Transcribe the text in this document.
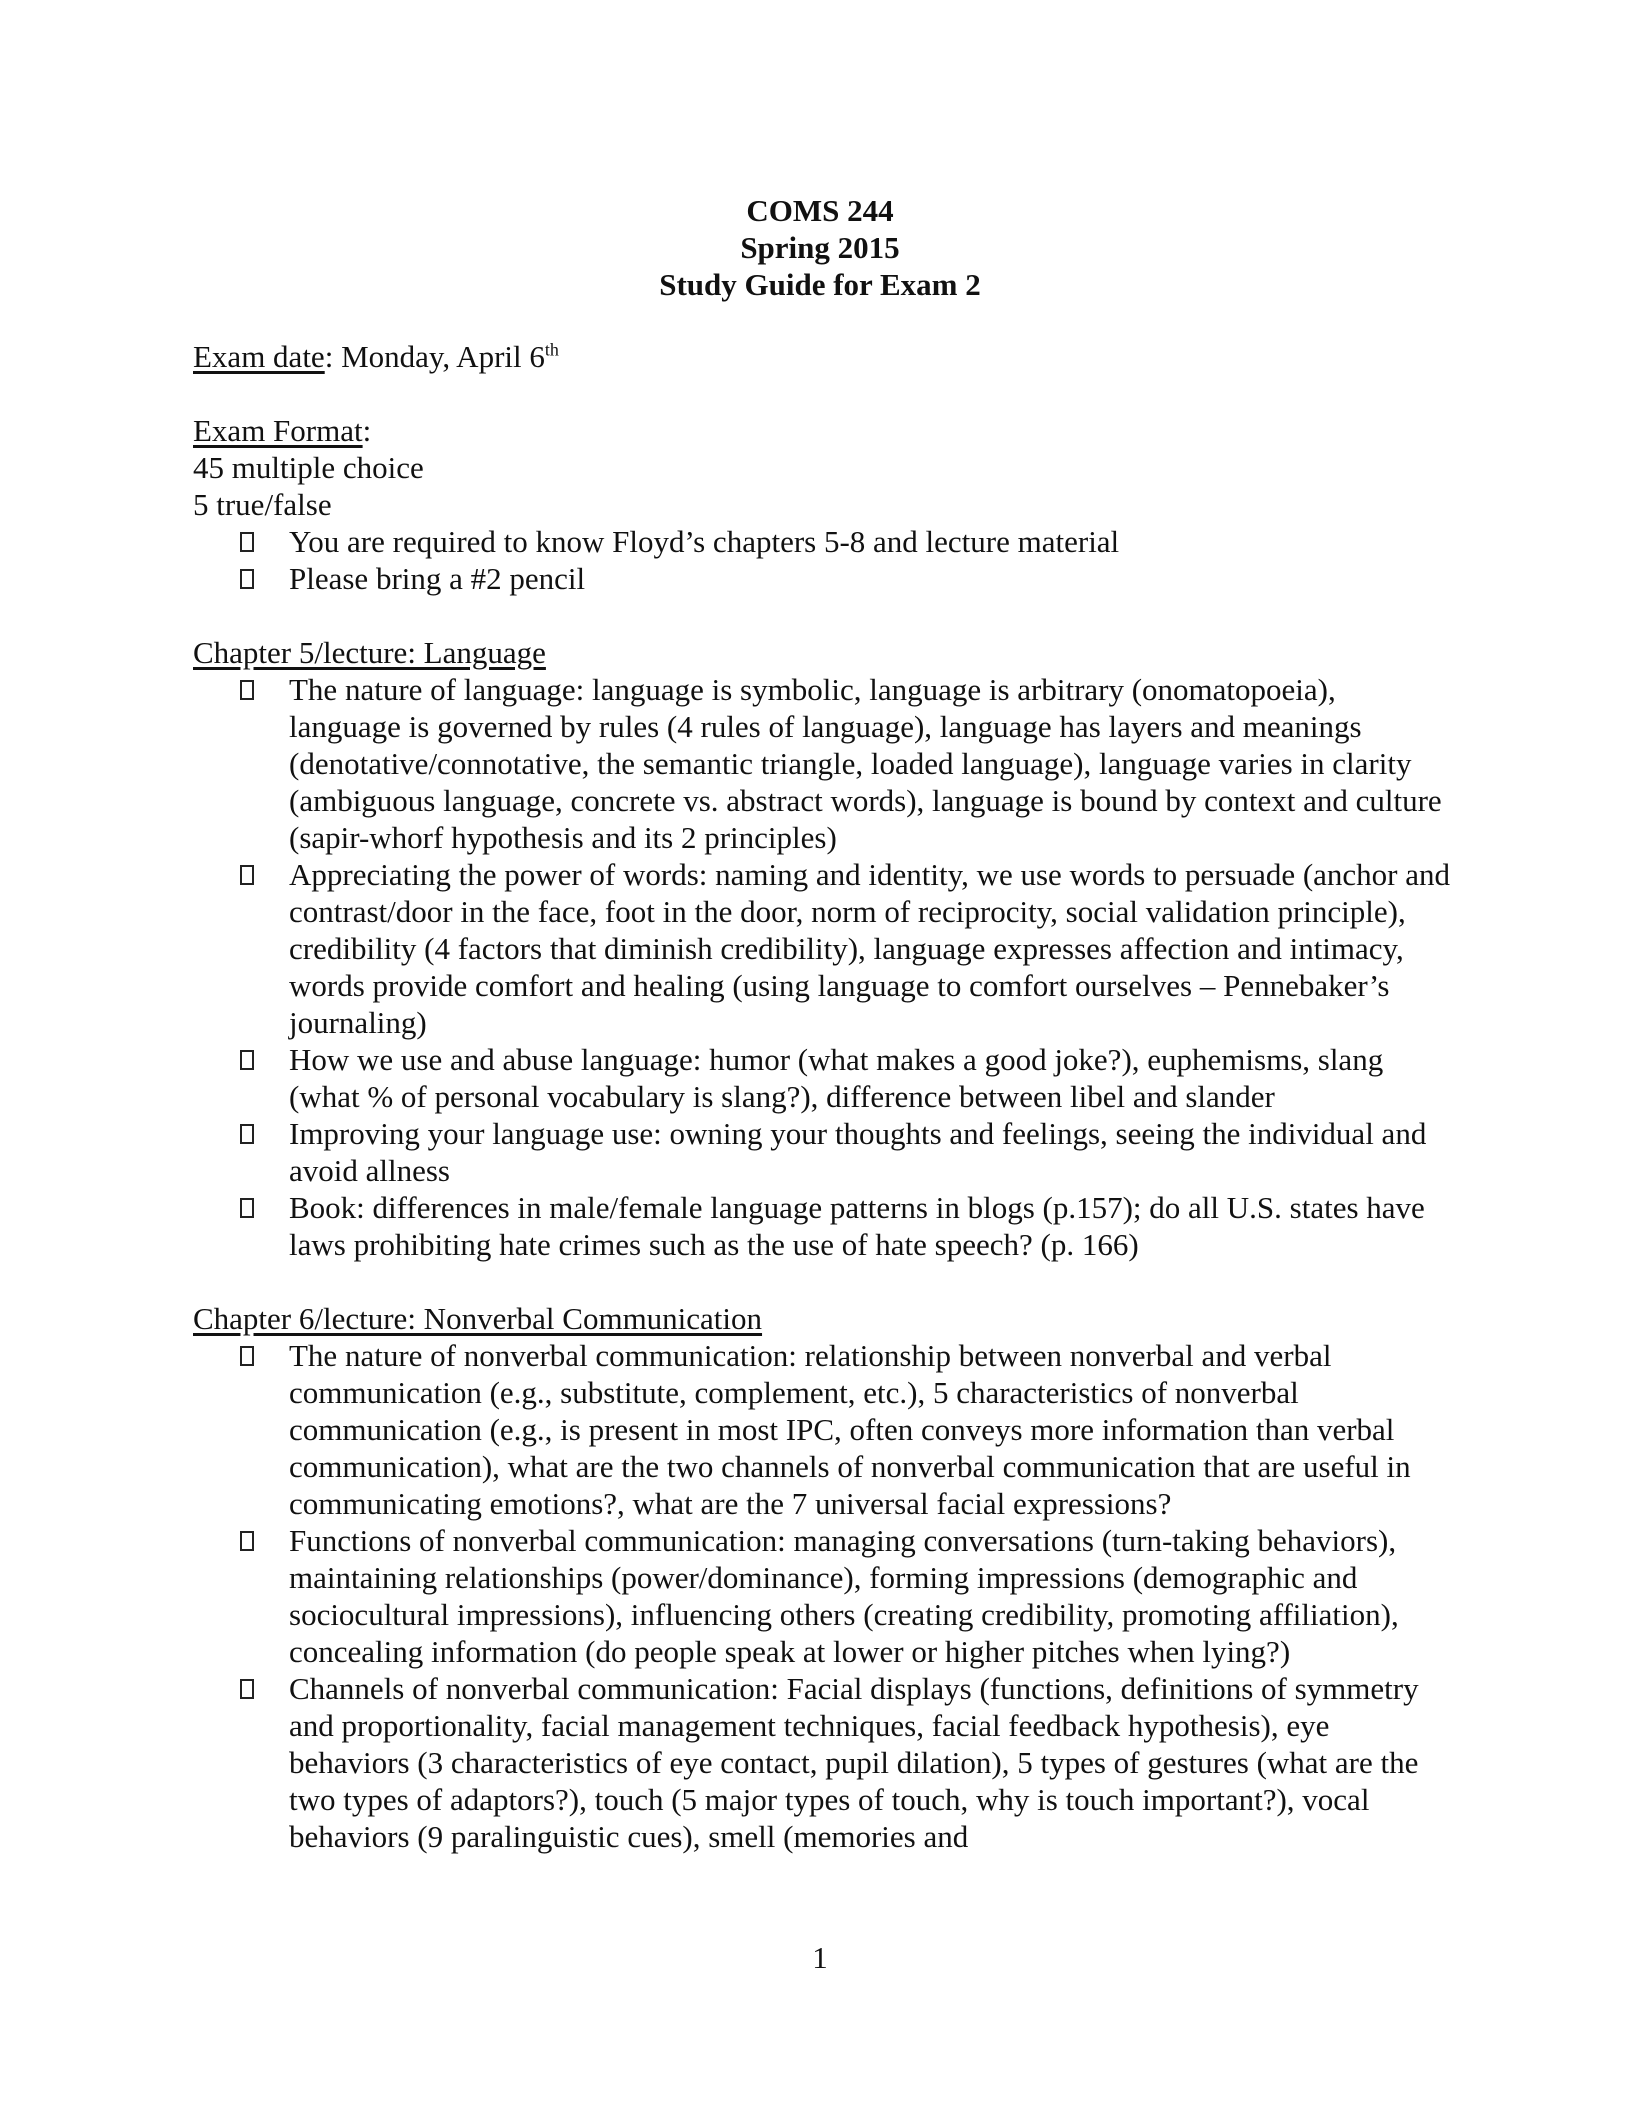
COMS 244
Spring 2015
Study Guide for Exam 2

Exam date: Monday, April 6th

Exam Format:

45 multiple choice

5 true/false

You are required to know Floyd’s chapters 5-8 and lecture material
Please bring a #2 pencil

Chapter 5/lecture: Language

The nature of language: language is symbolic, language is arbitrary (onomatopoeia), language is governed by rules (4 rules of language), language has layers and meanings (denotative/connotative, the semantic triangle, loaded language), language varies in clarity (ambiguous language, concrete vs. abstract words), language is bound by context and culture (sapir-whorf hypothesis and its 2 principles)
Appreciating the power of words: naming and identity, we use words to persuade (anchor and contrast/door in the face, foot in the door, norm of reciprocity, social validation principle), credibility (4 factors that diminish credibility), language expresses affection and intimacy, words provide comfort and healing (using language to comfort ourselves – Pennebaker’s journaling)
How we use and abuse language: humor (what makes a good joke?), euphemisms, slang (what % of personal vocabulary is slang?), difference between libel and slander
Improving your language use: owning your thoughts and feelings, seeing the individual and avoid allness
Book: differences in male/female language patterns in blogs (p.157); do all U.S. states have laws prohibiting hate crimes such as the use of hate speech? (p. 166)

Chapter 6/lecture: Nonverbal Communication

The nature of nonverbal communication: relationship between nonverbal and verbal communication (e.g., substitute, complement, etc.), 5 characteristics of nonverbal communication (e.g., is present in most IPC, often conveys more information than verbal communication), what are the two channels of nonverbal communication that are useful in communicating emotions?, what are the 7 universal facial expressions?
Functions of nonverbal communication: managing conversations (turn-taking behaviors), maintaining relationships (power/dominance), forming impressions (demographic and sociocultural impressions), influencing others (creating credibility, promoting affiliation), concealing information (do people speak at lower or higher pitches when lying?)
Channels of nonverbal communication: Facial displays (functions, definitions of symmetry and proportionality, facial management techniques, facial feedback hypothesis), eye behaviors (3 characteristics of eye contact, pupil dilation), 5 types of gestures (what are the two types of adaptors?), touch (5 major types of touch, why is touch important?), vocal behaviors (9 paralinguistic cues), smell (memories and
1
